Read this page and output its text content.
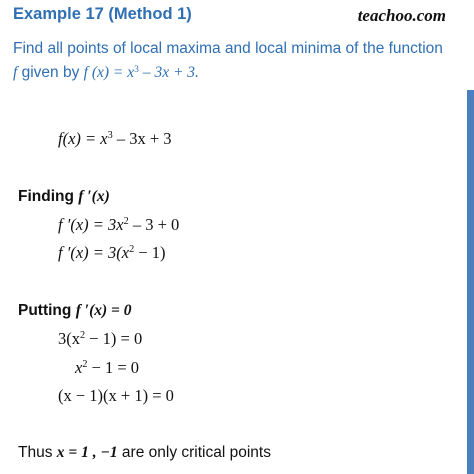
Example 17 (Method 1)	teachoo.com
Find all points of local maxima and local minima of the function
f given by f $(x) = x^3 - 3x + 3$.
$f(x) = x^3 - 3x + 3$
Finding f ′(x)
f $'(x) = 3x^2 - 3 + 0$
f $'(x) = 3(x^2 - 1)$
Putting f ′(x) = 0
$3(x^2 - 1) = 0$
$x^2 - 1 = 0$
(x − 1)(x + 1) = 0
Thus x = 1 , −1 are only critical points
